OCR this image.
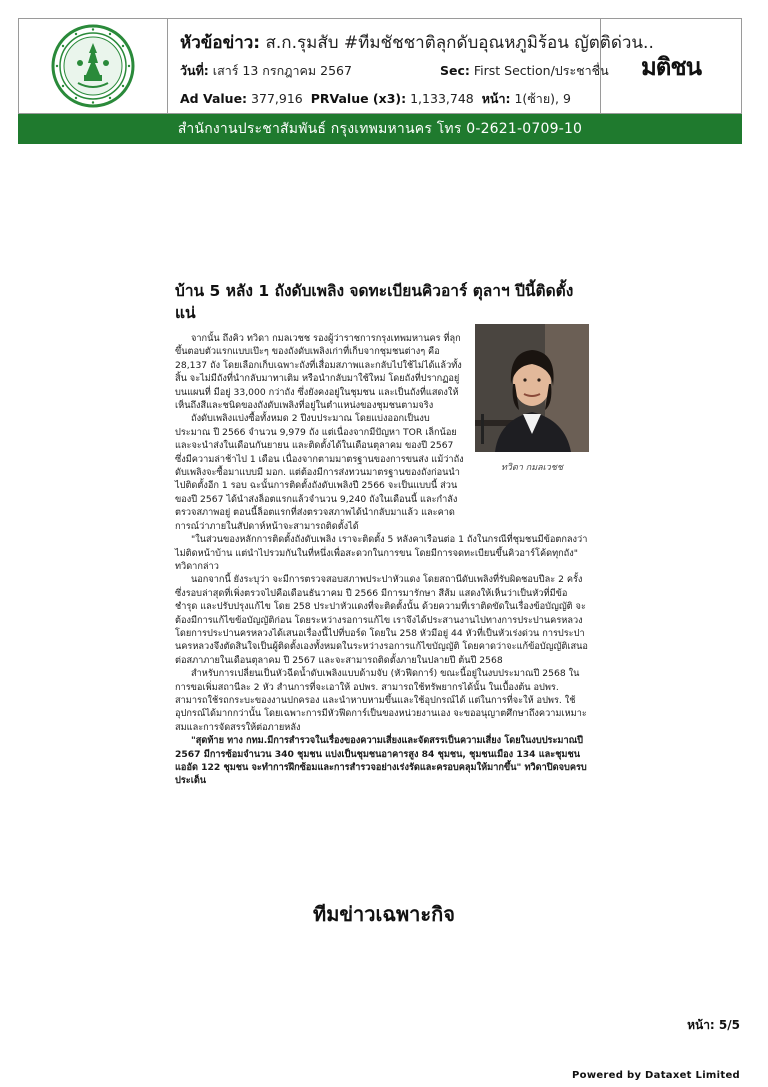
หัวข้อข่าว: ส.ก.รุมสับ #ทีมชัชชาติลุกดับอุณหภูมิร้อน ญัตติด่วน..
วันที่: เสาร์ 13 กรกฎาคม 2567	Sec: First Section/ประชาชื่น
Ad Value: 377,916 PRValue (x3): 1,133,748 หน้า: 1(ซ้าย), 9
มติชน
สำนักงานประชาสัมพันธ์ กรุงเทพมหานคร โทร 0-2621-0709-10
บ้าน 5 หลัง 1 ถังดับเพลิง จดทะเบียนคิวอาร์ ตุลาฯ ปีนี้ติดตั้งแน่
ทวิดา กมลเวชช

จากนั้น ถึงคิว ทวิดา กมลเวชช รองผู้ว่าราชการกรุงเทพมหานคร ที่ลุกขึ้นตอบตัวแรกแบบเป๊ะๆ ของถังดับเพลิงเก่าที่เก็บจากชุมชนต่างๆ คือ 28,137 ถัง โดยเลือกเก็บเฉพาะถังที่เสื่อมสภาพและกลับไปใช้ไม่ได้แล้วทั้งสิ้น จะไม่มีถังที่นำกลับมาทาเติม หรือนำกลับมาใช้ใหม่ โดยถังที่ปรากฏอยู่บนแผนที่ มีอยู่ 33,000 กว่าถัง ซึ่งยังคงอยู่ในชุมชน และเป็นถังที่แสดงให้เห็นถึงสีและชนิดของถังดับเพลิงที่อยู่ในตำแหน่งของชุมชนตามจริง

ถังดับเพลิงแบ่งซื้อทั้งหมด 2 ปีงบประมาณ โดยแบ่งออกเป็นงบประมาณ ปี 2566 จำนวน 9,979 ถัง แต่เนื่องจากมีปัญหา TOR เล็กน้อย และจะนำส่งในเดือนกันยายน และติดตั้งได้ในเดือนตุลาคม ของปี 2567 ซึ่งมีความล่าช้าไป 1 เดือน เนื่องจากตามมาตรฐานของการขนส่ง แม้ว่าถังดับเพลิงจะซื้อมาแบบมี มอก. แต่ต้องมีการส่งทวนมาตรฐานของถังก่อนนำไปติดตั้งอีก 1 รอบ ฉะนั้นการติดตั้งถังดับเพลิงปี 2566 จะเป็นแบบนี้ ส่วนของปี 2567 ได้นำส่งล็อตแรกแล้วจำนวน 9,240 ถังในเดือนนี้ และกำลังตรวจสภาพอยู่ ตอนนี้ล็อตแรกที่ส่งตรวจสภาพได้นำกลับมาแล้ว และคาดการณ์ว่าภายในสัปดาห์หน้าจะสามารถติดตั้งได้

"ในส่วนของหลักการติดตั้งถังดับเพลิง เราจะติดตั้ง 5 หลังคาเรือนต่อ 1 ถังในกรณีที่ชุมชนมีข้อตกลงว่า ไม่ติดหน้าบ้าน แต่นำไปรวมกันในที่หนึ่งเพื่อสะดวกในการขน โดยมีการจดทะเบียนขึ้นคิวอาร์โค้ดทุกถัง" ทวิดากล่าว

นอกจากนี้ ยังระบุว่า จะมีการตรวจสอบสภาพประปาหัวแดง โดยสถานีดับเพลิงที่รับผิดชอบปีละ 2 ครั้ง ซึ่งรอบล่าสุดที่เพิ่งตรวจไปคือเดือนธันวาคม ปี 2566 มีการมารักษา สีส้ม แสดงให้เห็นว่าเป็นหัวที่มีข้อชำรุด และปรับปรุงแก้ไข โดย 258 ประปาหัวแดงที่จะติดตั้งนั้น ด้วยความที่เราติดขัดในเรื่องข้อบัญญัติ จะต้องมีการแก้ไขข้อบัญญัติก่อน โดยระหว่างรอการแก้ไข เราจึงได้ประสานงานไปทางการประปานครหลวง โดยการประปานครหลวงได้เสนอเรื่องนี้ไปที่บอร์ด โดยใน 258 หัวมีอยู่ 44 หัวที่เป็นหัวเร่งด่วน การประปานครหลวงจึงตัดสินใจเป็นผู้ติดตั้งเองทั้งหมดในระหว่างรอการแก้ไขบัญญัติ โดยคาดว่าจะแก้ข้อบัญญัติเสนอต่อสภาภายในเดือนตุลาคม ปี 2567 และจะสามารถติดตั้งภายในปลายปี ต้นปี 2568

สำหรับการเปลี่ยนเป็นหัวฉีดน้ำดับเพลิงแบบด้ามจับ (หัวฟีดการ์) ขณะนี้อยู่ในงบประมาณปี 2568 ในการขอเพิ่มสถานีละ 2 หัว สำนการที่จะเอาให้ อปพร. สามารถใช้ทรัพยากรได้นั้น ในเบื้องต้น อปพร. สามารถใช้รถกระบะของงานปกครอง และนำหาบหามขึ้นและใช้อุปกรณ์ได้ แต่ในการที่จะให้ อปพร. ใช้อุปกรณ์ได้มากกว่านั้น โดยเฉพาะการมีหัวฟีดการ์เป็นของหน่วยงานเอง จะขออนุญาตศึกษาถึงความเหมาะสมและการจัดสรรให้ต่อภายหลัง

"สุดท้าย ทาง กทม.มีการสำรวจในเรื่องของความเสี่ยงและจัดสรรเป็นความเสี่ยง โดยในงบประมาณปี 2567 มีการซ้อมจำนวน 340 ชุมชน แบ่งเป็นชุมชนอาคารสูง 84 ชุมชน, ชุมชนเมือง 134 และชุมชนแออัด 122 ชุมชน จะทำการฝึกซ้อมและการสำรวจอย่างเร่งรัดและครอบคลุมให้มากขึ้น" ทวิดาปิดจบครบประเด็น

ทีมข่าวเฉพาะกิจ
หน้า: 5/5
Powered by Dataxet Limited
